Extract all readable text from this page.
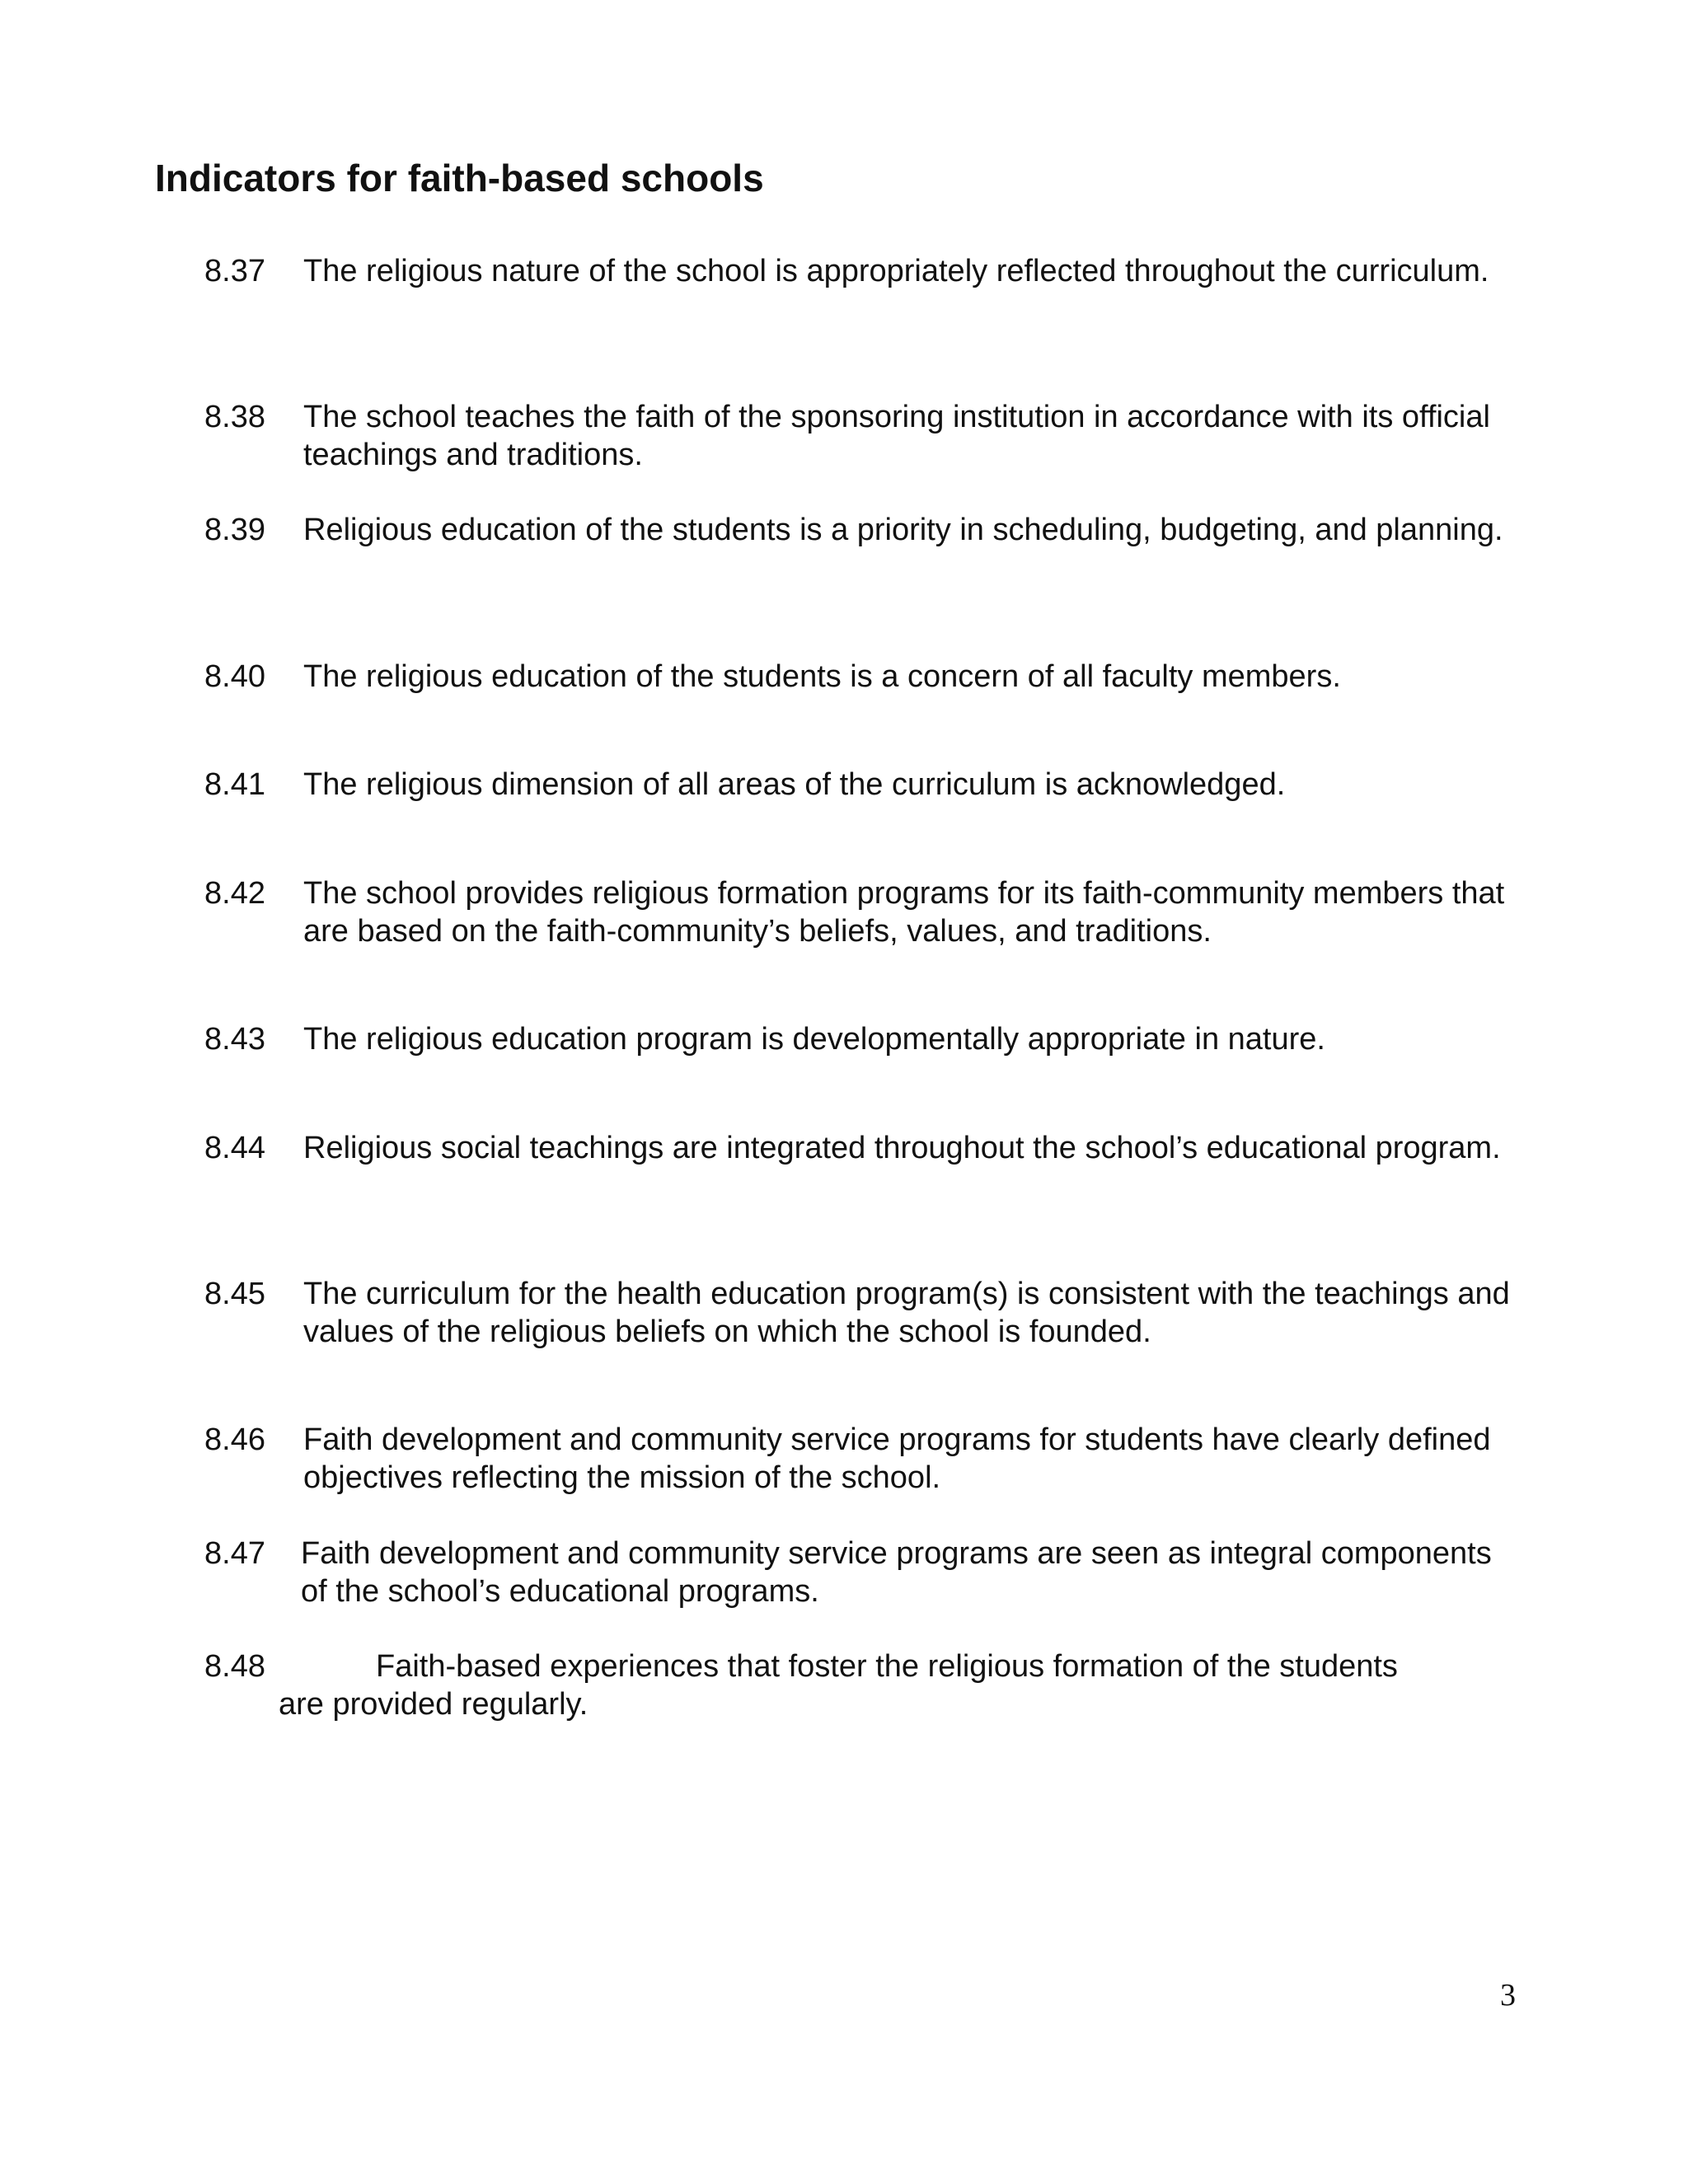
Indicators for faith-based schools
8.37 The religious nature of the school is appropriately reflected throughout the curriculum.
8.38 The school teaches the faith of the sponsoring institution in accordance with its official teachings and traditions.
8.39 Religious education of the students is a priority in scheduling, budgeting, and planning.
8.40 The religious education of the students is a concern of all faculty members.
8.41 The religious dimension of all areas of the curriculum is acknowledged.
8.42 The school provides religious formation programs for its faith-community members that are based on the faith-community’s beliefs, values, and traditions.
8.43 The religious education program is developmentally appropriate in nature.
8.44 Religious social teachings are integrated throughout the school’s educational program.
8.45 The curriculum for the health education program(s) is consistent with the teachings and values of the religious beliefs on which the school is founded.
8.46 Faith development and community service programs for students have clearly defined objectives reflecting the mission of the school.
8.47 Faith development and community service programs are seen as integral components of the school’s educational programs.
8.48	Faith-based experiences that foster the religious formation of the students are provided regularly.
3
